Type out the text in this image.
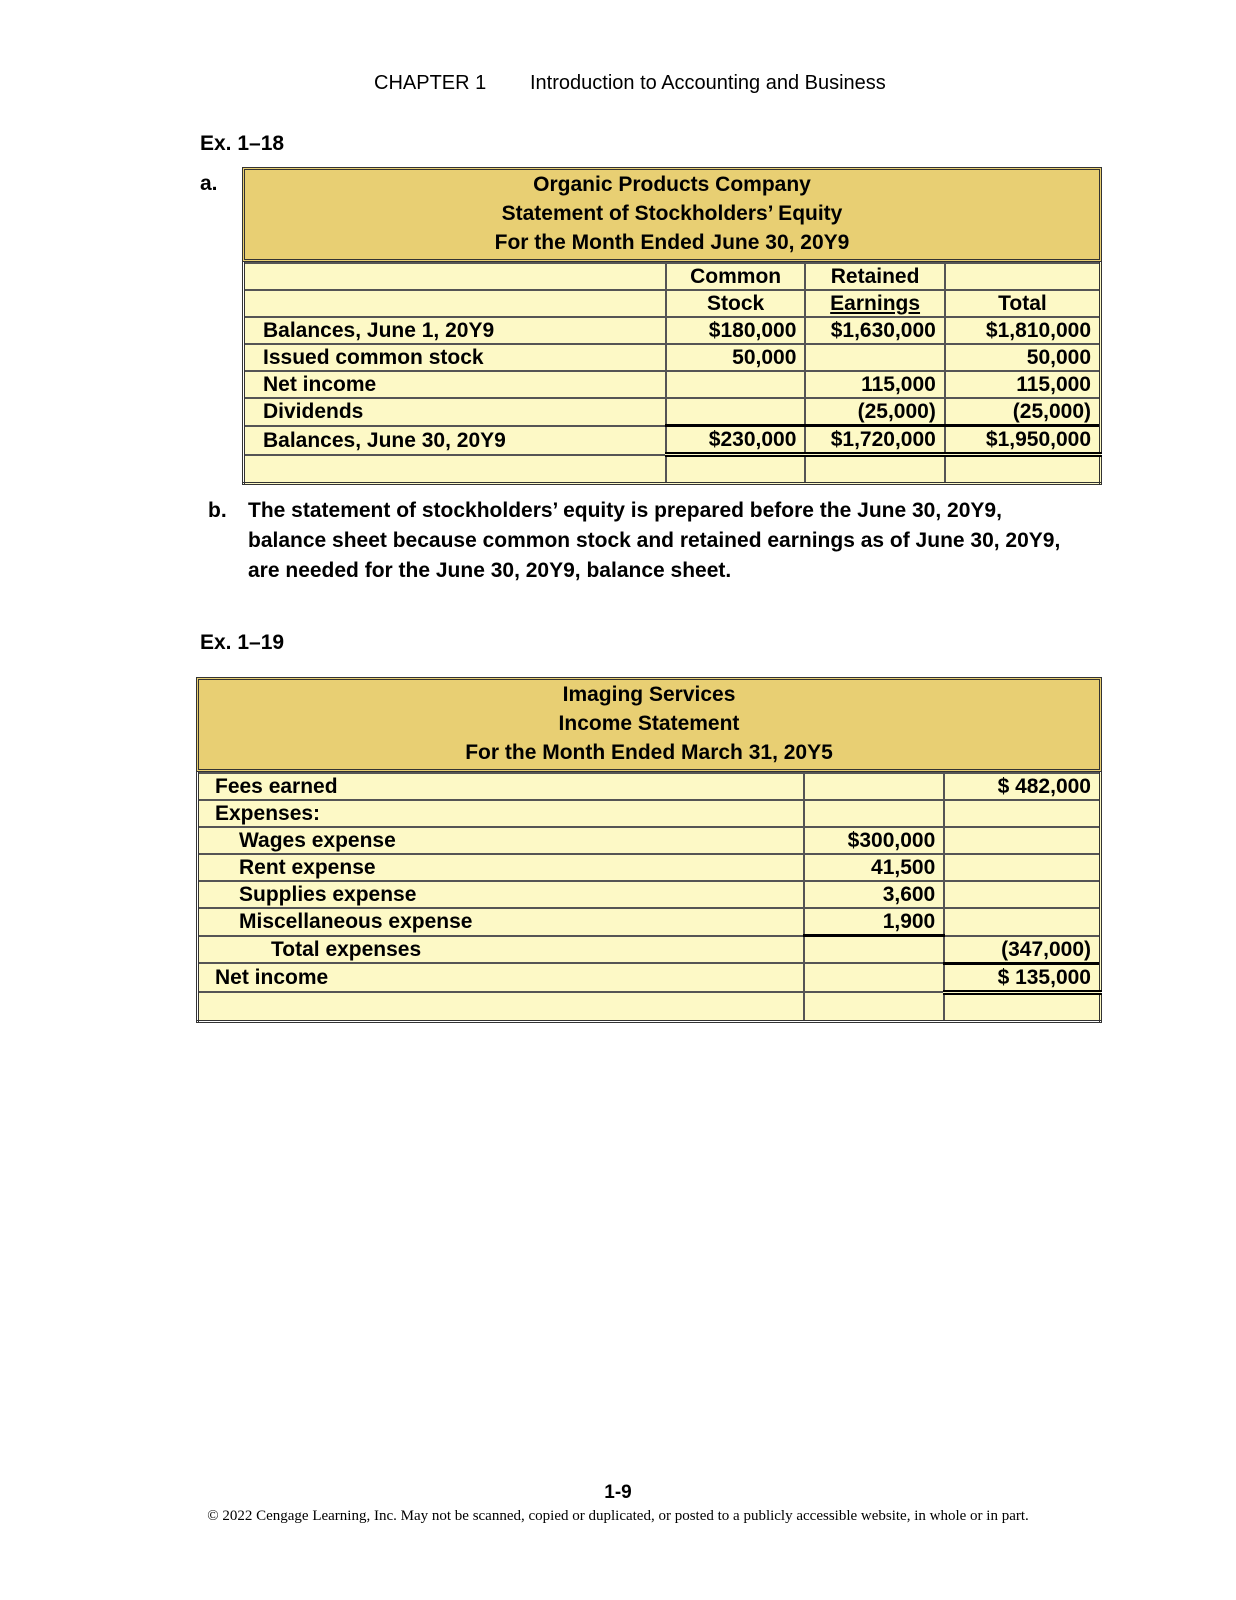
CHAPTER 1 Introduction to Accounting and Business
Ex. 1–18
a.	Organic Products Company
Statement of Stockholders’ Equity
For the Month Ended June 30, 20Y9
	Common	Retained	
	Stock	Earnings	Total
Balances, June 1, 20Y9	$180,000	$1,630,000	$1,810,000
Issued common stock	50,000		50,000
Net income		115,000	115,000
Dividends		(25,000)	(25,000)
Balances, June 30, 20Y9	$230,000	$1,720,000	$1,950,000

b. The statement of stockholders’ equity is prepared before the June 30, 20Y9, balance sheet because common stock and retained earnings as of June 30, 20Y9, are needed for the June 30, 20Y9, balance sheet.
Ex. 1–19
Imaging Services
Income Statement
For the Month Ended March 31, 20Y5
Fees earned		$ 482,000
Expenses:		
Wages expense	$300,000	
Rent expense	41,500	
Supplies expense	3,600	
Miscellaneous expense	1,900	
Total expenses		(347,000)
Net income		$ 135,000

1-9
© 2022 Cengage Learning, Inc. May not be scanned, copied or duplicated, or posted to a publicly accessible website, in whole or in part.
